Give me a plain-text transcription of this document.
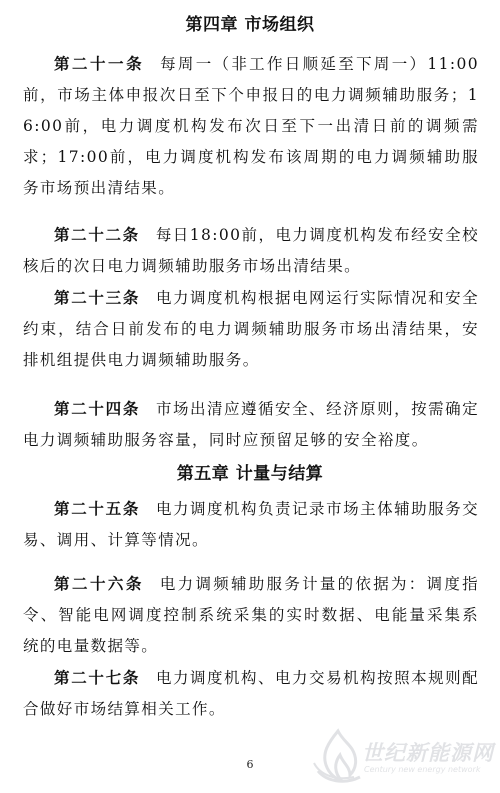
第四章 市场组织

第二十一条 每周一（非工作日顺延至下周一）11:00前，市场主体申报次日至下个申报日的电力调频辅助服务；16:00前，电力调度机构发布次日至下一出清日前的调频需求；17:00前，电力调度机构发布该周期的电力调频辅助服务市场预出清结果。

第二十二条 每日18:00前，电力调度机构发布经安全校核后的次日电力调频辅助服务市场出清结果。

第二十三条 电力调度机构根据电网运行实际情况和安全约束，结合日前发布的电力调频辅助服务市场出清结果，安排机组提供电力调频辅助服务。

第二十四条 市场出清应遵循安全、经济原则，按需确定电力调频辅助服务容量，同时应预留足够的安全裕度。

第五章 计量与结算

第二十五条 电力调度机构负责记录市场主体辅助服务交易、调用、计算等情况。

第二十六条 电力调频辅助服务计量的依据为：调度指令、智能电网调度控制系统采集的实时数据、电能量采集系统的电量数据等。

第二十七条 电力调度机构、电力交易机构按照本规则配合做好市场结算相关工作。

6	世纪新能源网
Century new energy network
